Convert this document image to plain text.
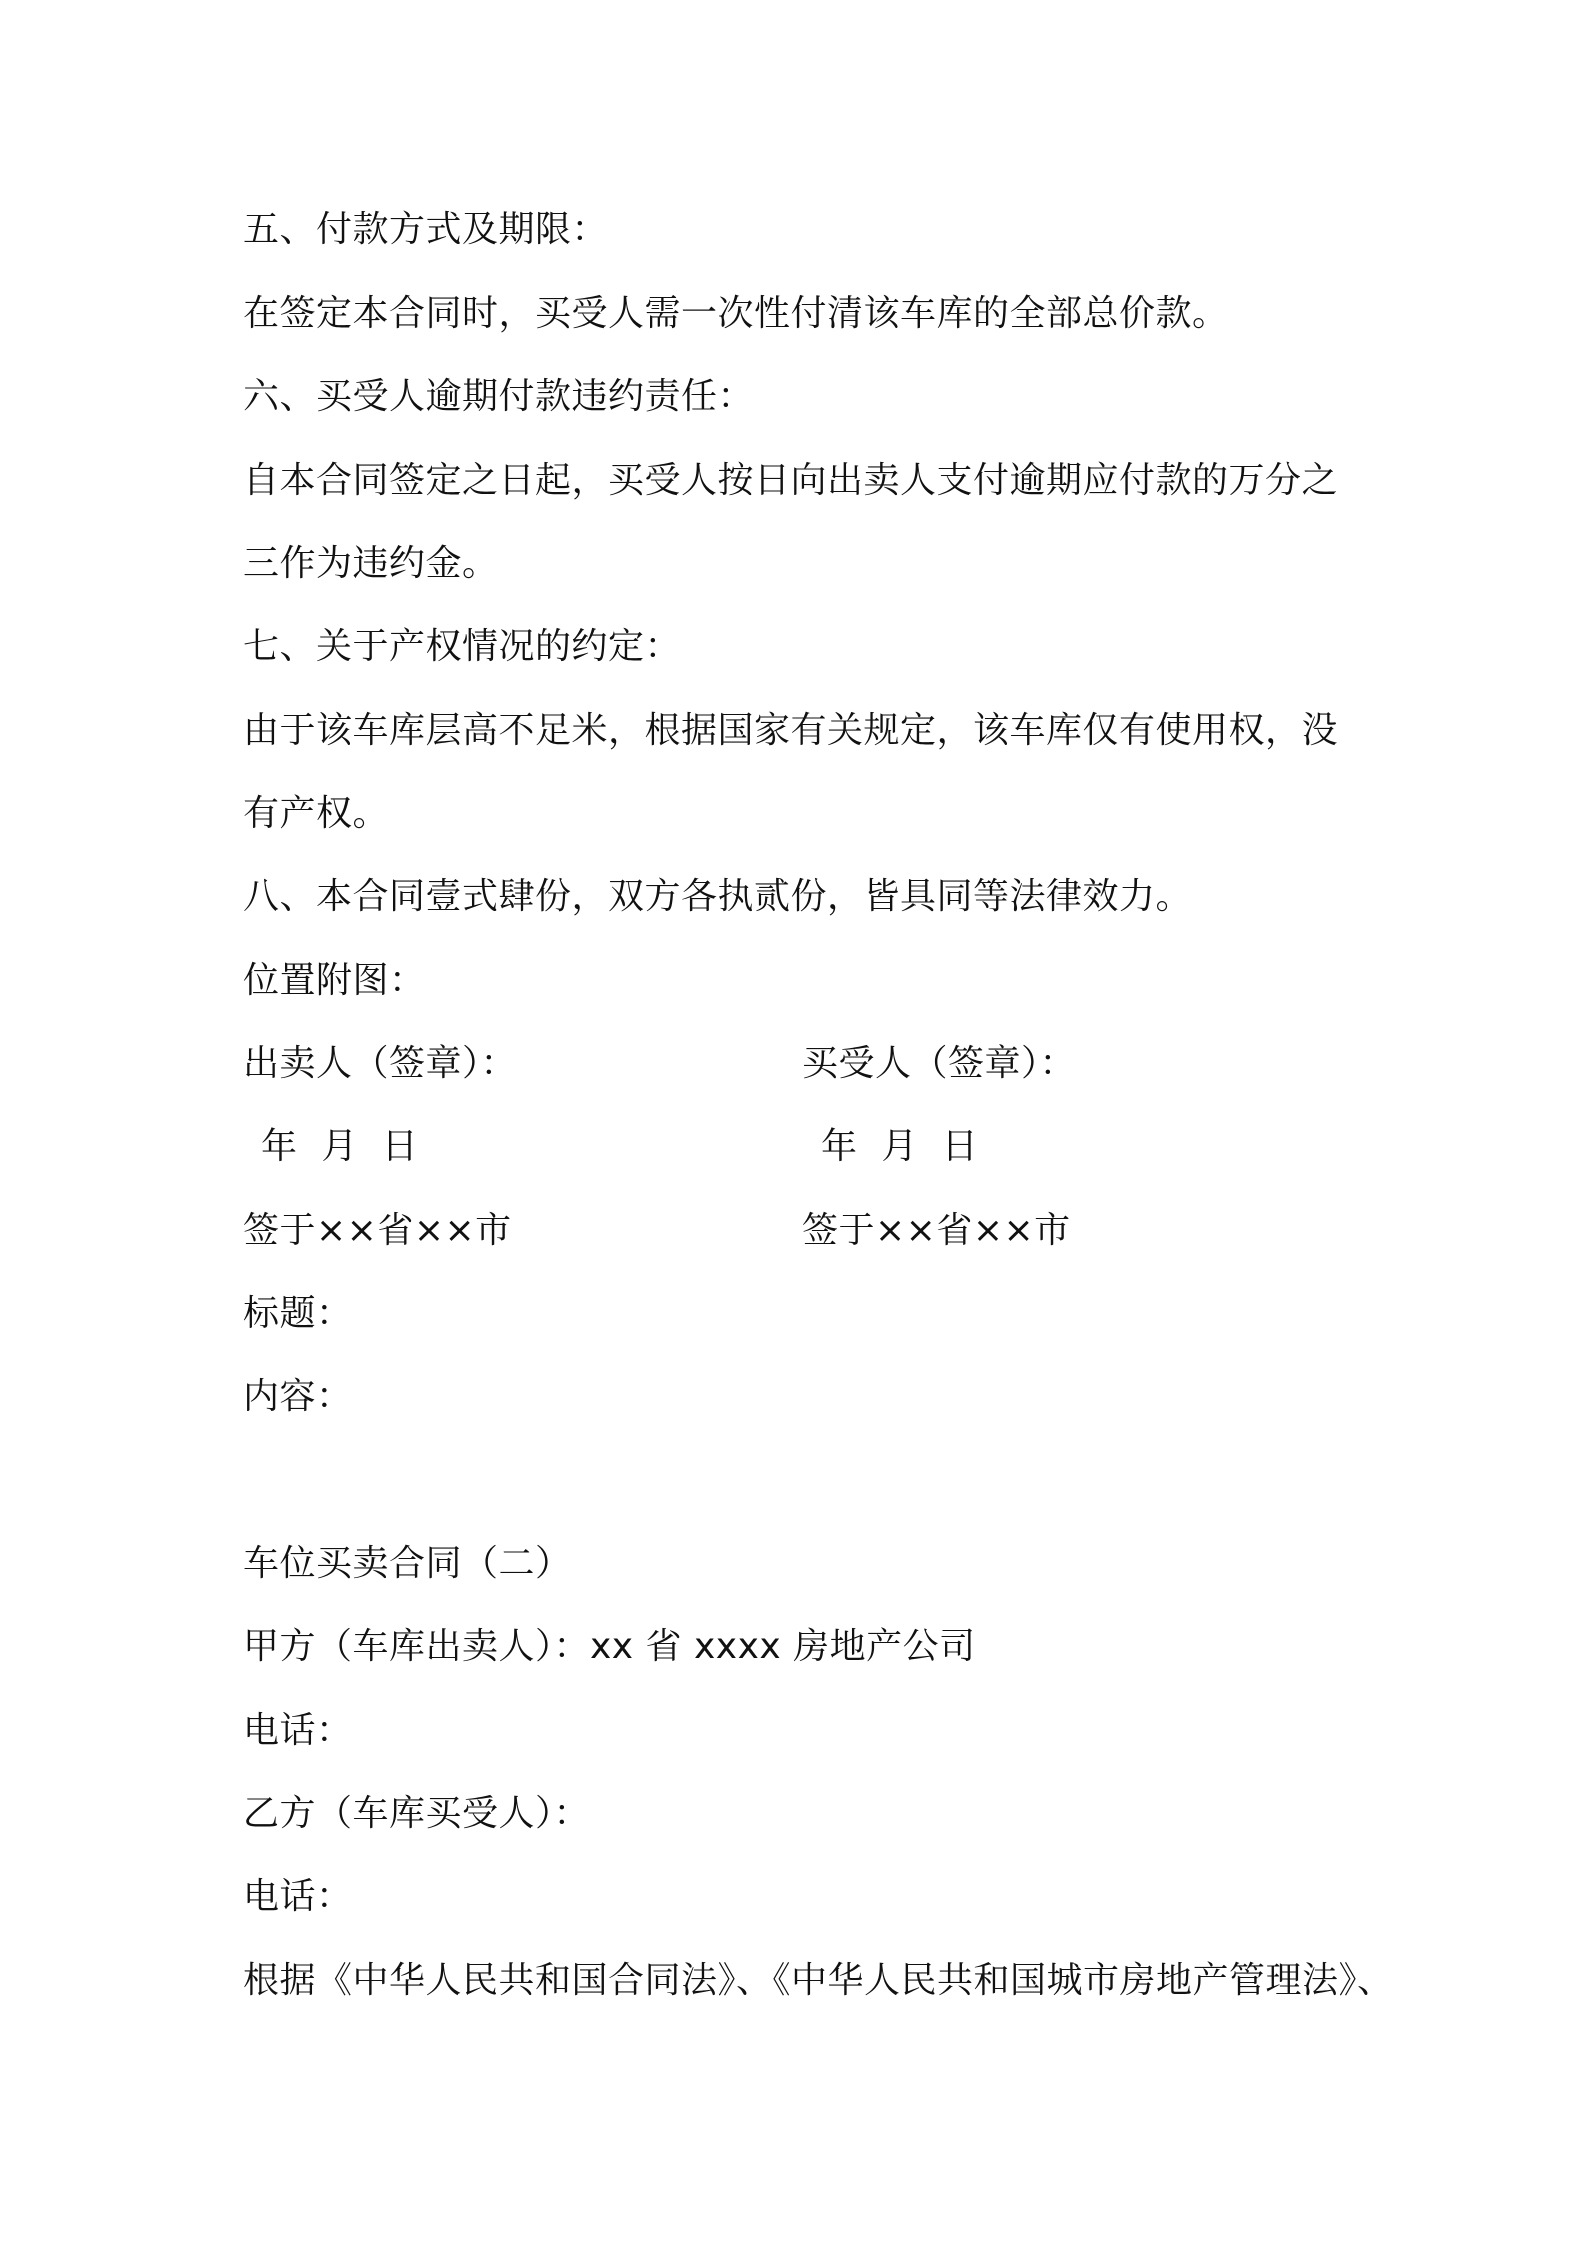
五、付款方式及期限：
在签定本合同时，买受人需一次性付清该车库的全部总价款。
六、买受人逾期付款违约责任：
自本合同签定之日起，买受人按日向出卖人支付逾期应付款的万分之
三作为违约金。
七、关于产权情况的约定：
由于该车库层高不足米，根据国家有关规定，该车库仅有使用权，没
有产权。
八、本合同壹式肆份，双方各执贰份，皆具同等法律效力。
位置附图：
出卖人（签章）：	买受人（签章）：
年  月  日	年  月  日
签于××省××市	签于××省××市
标题：
内容：
车位买卖合同（二）
甲方（车库出卖人）：xx 省 xxxx 房地产公司
电话：
乙方（车库买受人）：
电话：
根据《中华人民共和国合同法》、《中华人民共和国城市房地产管理法》、
